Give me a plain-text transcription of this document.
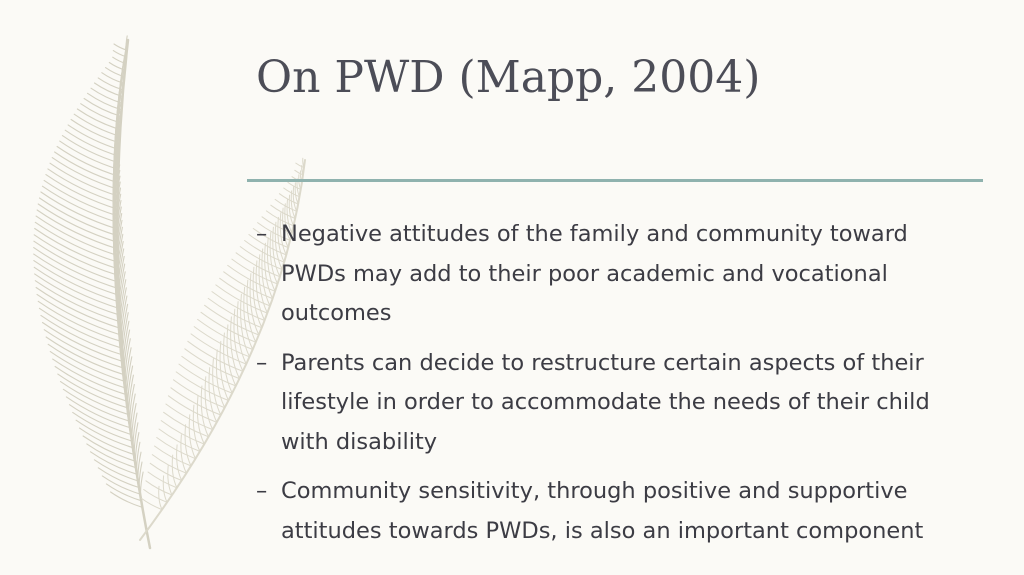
On PWD (Mapp, 2004)
– Negative attitudes of the family and community toward PWDs may add to their poor academic and vocational outcomes
– Parents can decide to restructure certain aspects of their lifestyle in order to accommodate the needs of their child with disability
– Community sensitivity, through positive and supportive attitudes towards PWDs, is also an important component
